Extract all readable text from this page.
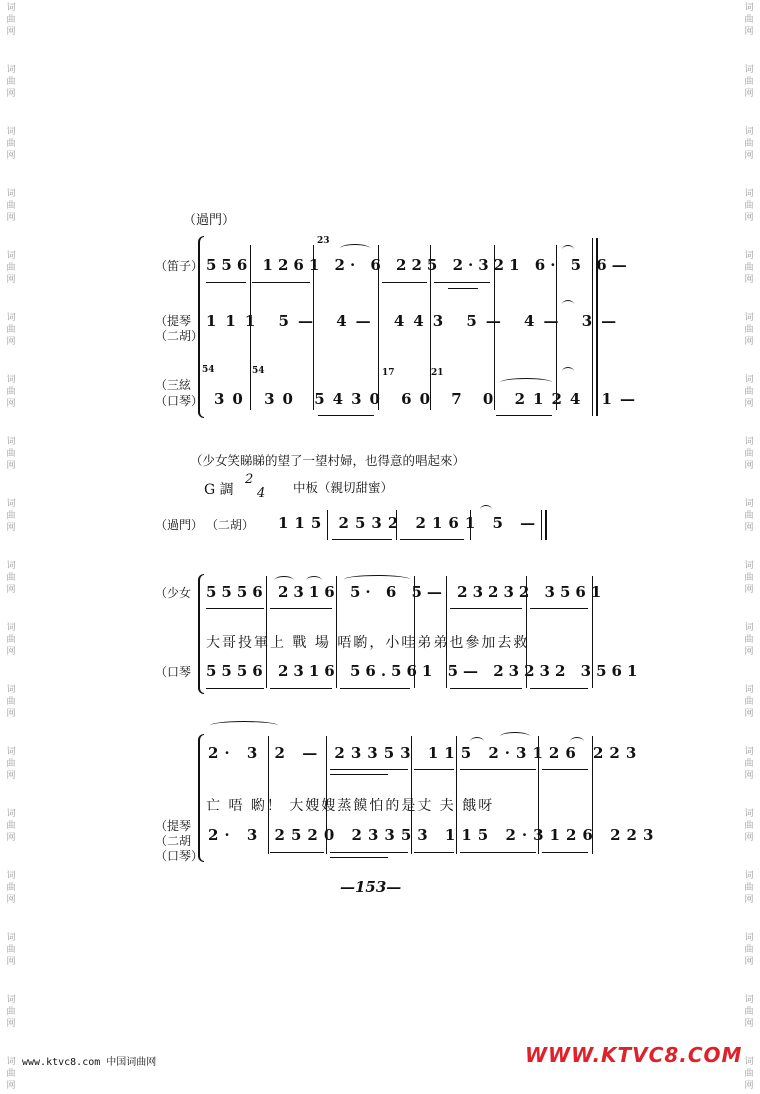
词
曲
网
词
曲
网
词
曲
网
词
曲
网
词
曲
网
词
曲
网
词
曲
网
词
曲
网
词
曲
网
词
曲
网
词
曲
网
词
曲
网
词
曲
网
词
曲
网
词
曲
网
词
曲
网
词
曲
网
词
曲
网
词
曲
网
词
曲
网
词
曲
网
词
曲
网
词
曲
网
词
曲
网
词
曲
网
词
曲
网
词
曲
网
词
曲
网
词
曲
网
词
曲
网
词
曲
网
词
曲
网
词
曲
网
词
曲
网
词
曲
网
词
曲
网
（過門）
（笛子） 556 1261 2· 6 225 2·321 6· 5 6—
23
（提琴
（二胡）
111 5— 4— 443 5— 4— 3—
（三絃
（口琴） 30 30 5430 60 7 0 2124 1—
54	54	17	21
（少女笑睇睇的望了一望村婦，也得意的唱起來）
G 調
2
4 中板（親切甜蜜）
（過門） （二胡） 115 2532 2161 5 —
（少女 5556 2316 5· 6 5— 23232 3561
大哥投軍上 戰 場 唔喲，小哇弟弟也參加去救
（口琴 5556 2316 56.561 5— 23232 3561
2· 3 2 — 23353 115 2·3126 223
亡 唔 喲！ 大嫂嫂蒸饃怕的是丈 夫 餓呀
（提琴
（二胡
（口琴）
2· 3 2520 23353 115 2·3126 223
—153—
www.ktvc8.com 中国词曲网	WWW.KTVC8.COM
